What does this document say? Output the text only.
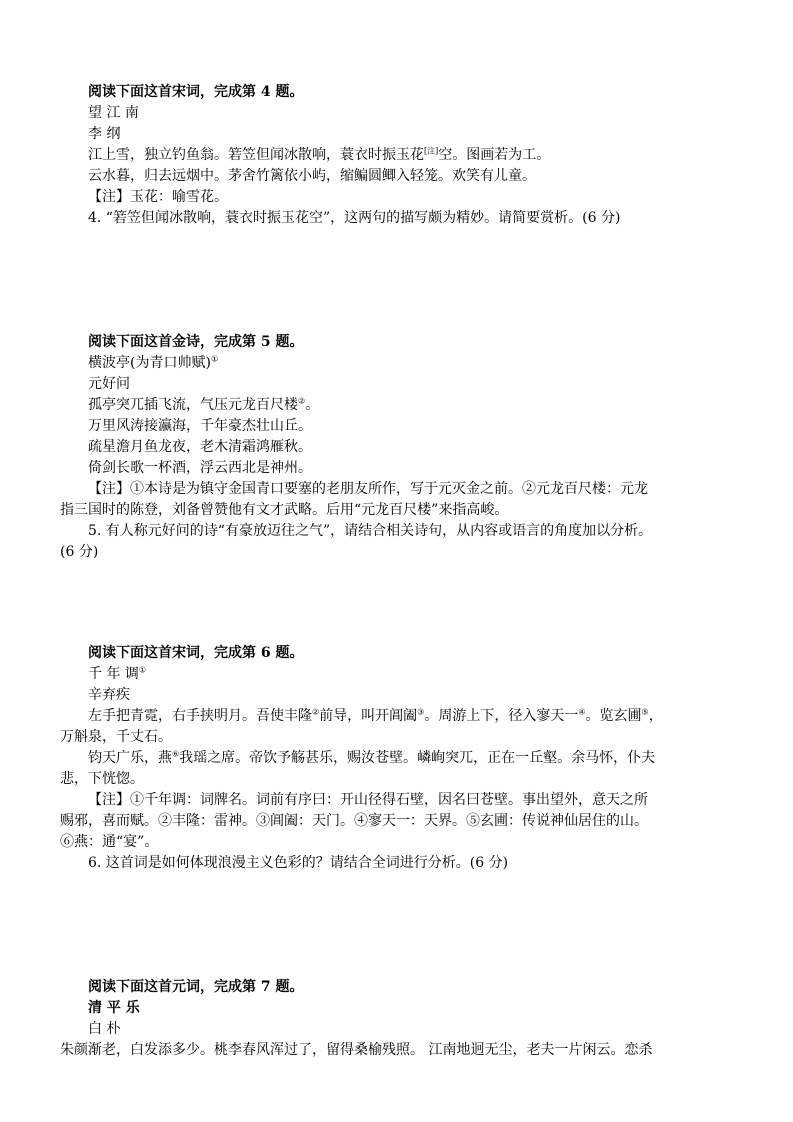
阅读下面这首宋词，完成第 4 题。
望 江 南
李 纲
江上雪，独立钓鱼翁。箬笠但闻冰散响，蓑衣时振玉花[注]空。图画若为工。
云水暮，归去远烟中。茅舍竹篱依小屿，缩鳊圆鲫入轻笼。欢笑有儿童。
【注】玉花：喻雪花。
4. “箬笠但闻冰散响，蓑衣时振玉花空”，这两句的描写颇为精妙。请简要赏析。(6 分)
阅读下面这首金诗，完成第 5 题。
横波亭(为青口帅赋)①
元好问
孤亭突兀插飞流，气压元龙百尺楼②。
万里风涛接瀛海，千年豪杰壮山丘。
疏星澹月鱼龙夜，老木清霜鸿雁秋。
倚剑长歌一杯酒，浮云西北是神州。
【注】①本诗是为镇守金国青口要塞的老朋友所作，写于元灭金之前。②元龙百尺楼：元龙
指三国时的陈登，刘备曾赞他有文才武略。后用“元龙百尺楼”来指高峻。
5. 有人称元好问的诗“有豪放迈往之气”，请结合相关诗句，从内容或语言的角度加以分析。
(6 分)
阅读下面这首宋词，完成第 6 题。
千 年 调①
辛弃疾
左手把青霓，右手挟明月。吾使丰隆②前导，叫开阊阖③。周游上下，径入寥天一④。览玄圃⑤，
万斛泉，千丈石。
钧天广乐，燕⑥我瑶之席。帝饮予觞甚乐，赐汝苍壁。嶙峋突兀，正在一丘壑。余马怀，仆夫
悲，下恍惚。
【注】①千年调：词牌名。词前有序曰：开山径得石壁，因名曰苍壁。事出望外，意天之所
赐邪，喜而赋。②丰隆：雷神。③阊阖：天门。④寥天一：天界。⑤玄圃：传说神仙居住的山。
⑥燕：通“宴”。
6. 这首词是如何体现浪漫主义色彩的？请结合全词进行分析。(6 分)
阅读下面这首元词，完成第 7 题。
清 平 乐
白 朴
朱颜渐老，白发添多少。桃李春风浑过了，留得桑榆残照。 江南地迥无尘，老夫一片闲云。恋杀
